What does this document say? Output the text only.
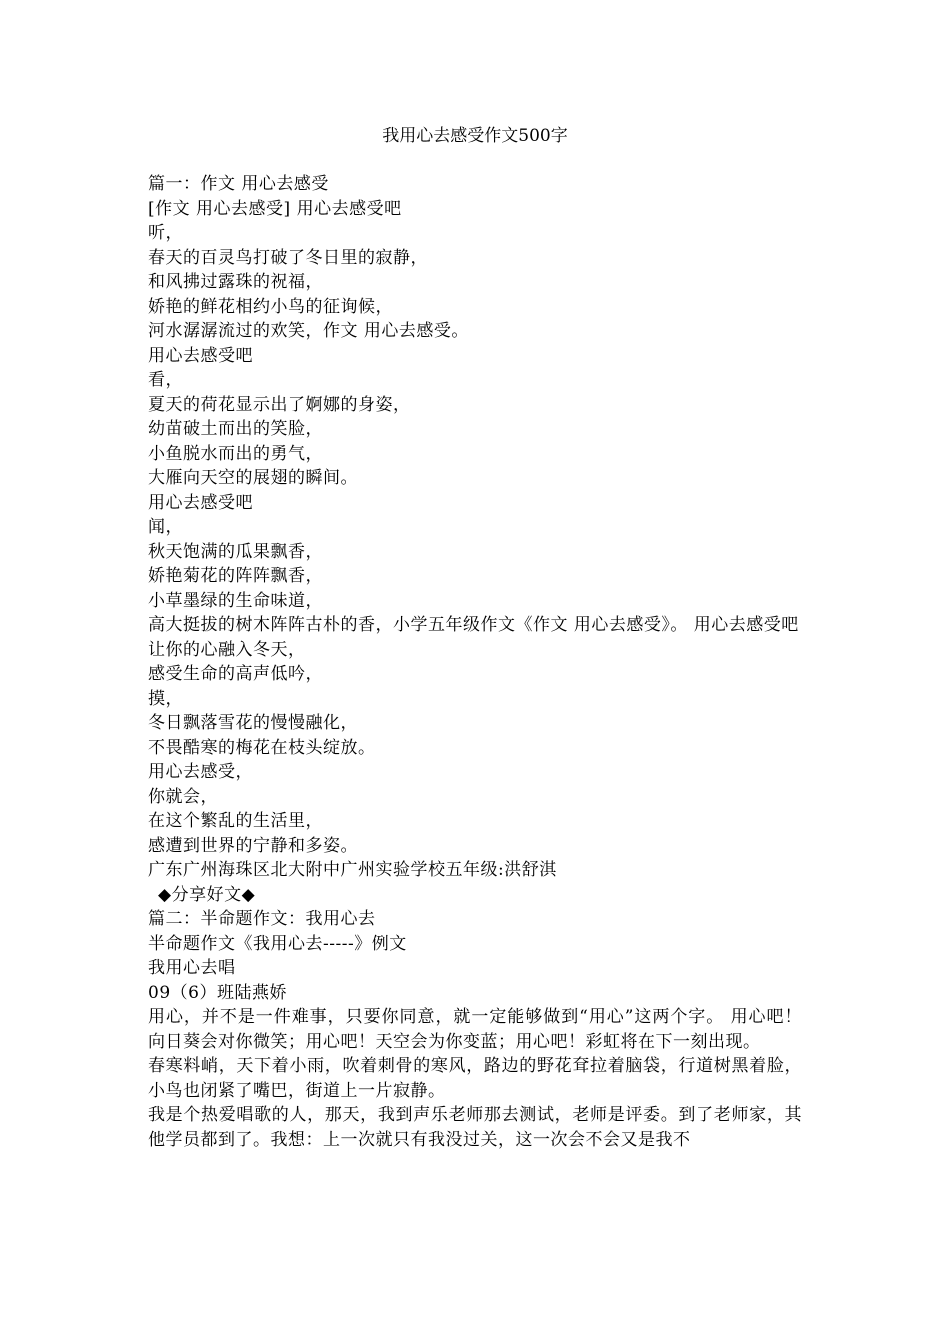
我用心去感受作文500字

篇一：作文 用心去感受

[作文 用心去感受] 用心去感受吧

听，

春天的百灵鸟打破了冬日里的寂静，

和风拂过露珠的祝福，

娇艳的鲜花相约小鸟的征询候，

河水潺潺流过的欢笑，作文 用心去感受。

用心去感受吧

看，

夏天的荷花显示出了婀娜的身姿，

幼苗破土而出的笑脸，

小鱼脱水而出的勇气，

大雁向天空的展翅的瞬间。

用心去感受吧

闻，

秋天饱满的瓜果飘香，

娇艳菊花的阵阵飘香，

小草墨绿的生命味道，

高大挺拔的树木阵阵古朴的香，小学五年级作文《作文 用心去感受》。 用心去感受吧

让你的心融入冬天，

感受生命的高声低吟，

摸，

冬日飘落雪花的慢慢融化，

不畏酷寒的梅花在枝头绽放。

用心去感受，

你就会，

在这个繁乱的生活里，

感遭到世界的宁静和多姿。

广东广州海珠区北大附中广州实验学校五年级:洪舒淇

◆分享好文◆

篇二：半命题作文：我用心去

半命题作文《我用心去-----》例文

我用心去唱

09（6）班陆燕娇

用心，并不是一件难事，只要你同意，就一定能够做到“用心”这两个字。 用心吧！向日葵会对你微笑；用心吧！天空会为你变蓝；用心吧！彩虹将在下一刻出现。

春寒料峭，天下着小雨，吹着刺骨的寒风，路边的野花耷拉着脑袋，行道树黑着脸，小鸟也闭紧了嘴巴，街道上一片寂静。

我是个热爱唱歌的人，那天，我到声乐老师那去测试，老师是评委。到了老师家，其他学员都到了。我想：上一次就只有我没过关，这一次会不会又是我不
